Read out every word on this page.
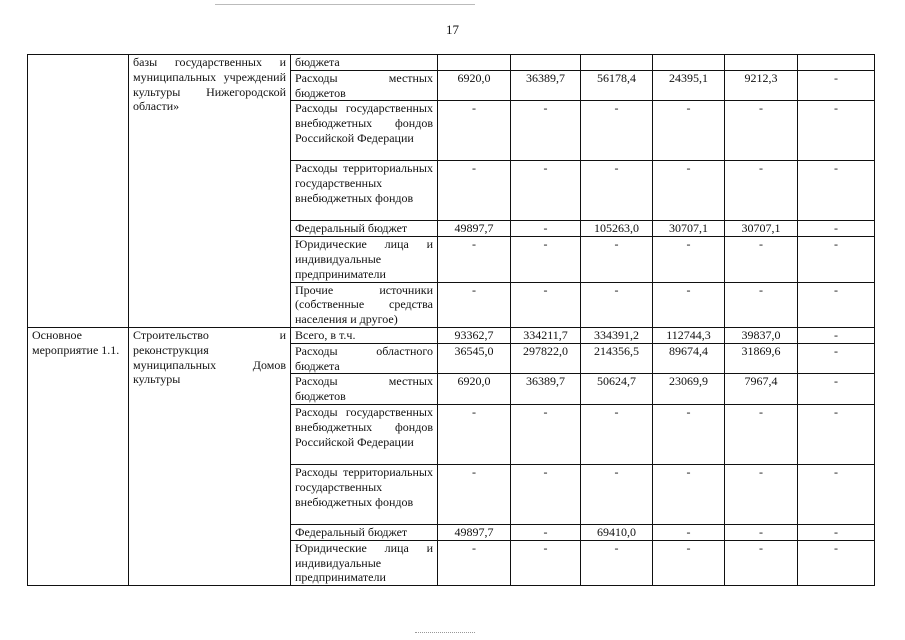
17
	базы государственных и муниципальных учреждений культуры Нижегородской области»	бюджета						
		Расходы местных бюджетов	6920,0	36389,7	56178,4	24395,1	9212,3	-
		Расходы государственных внебюджетных фондов Российской Федерации	-	-	-	-	-	-
		Расходы территориальных государственных внебюджетных фондов	-	-	-	-	-	-
		Федеральный бюджет	49897,7	-	105263,0	30707,1	30707,1	-
		Юридические лица и индивидуальные предприниматели	-	-	-	-	-	-
		Прочие источники (собственные средства населения и другое)	-	-	-	-	-	-
Основное мероприятие 1.1.	Строительство и реконструкция муниципальных Домов культуры	Всего, в т.ч.	93362,7	334211,7	334391,2	112744,3	39837,0	-
		Расходы областного бюджета	36545,0	297822,0	214356,5	89674,4	31869,6	-
		Расходы местных бюджетов	6920,0	36389,7	50624,7	23069,9	7967,4	-
		Расходы государственных внебюджетных фондов Российской Федерации	-	-	-	-	-	-
		Расходы территориальных государственных внебюджетных фондов	-	-	-	-	-	-
		Федеральный бюджет	49897,7	-	69410,0	-	-	-
		Юридические лица и индивидуальные предприниматели	-	-	-	-	-	-
